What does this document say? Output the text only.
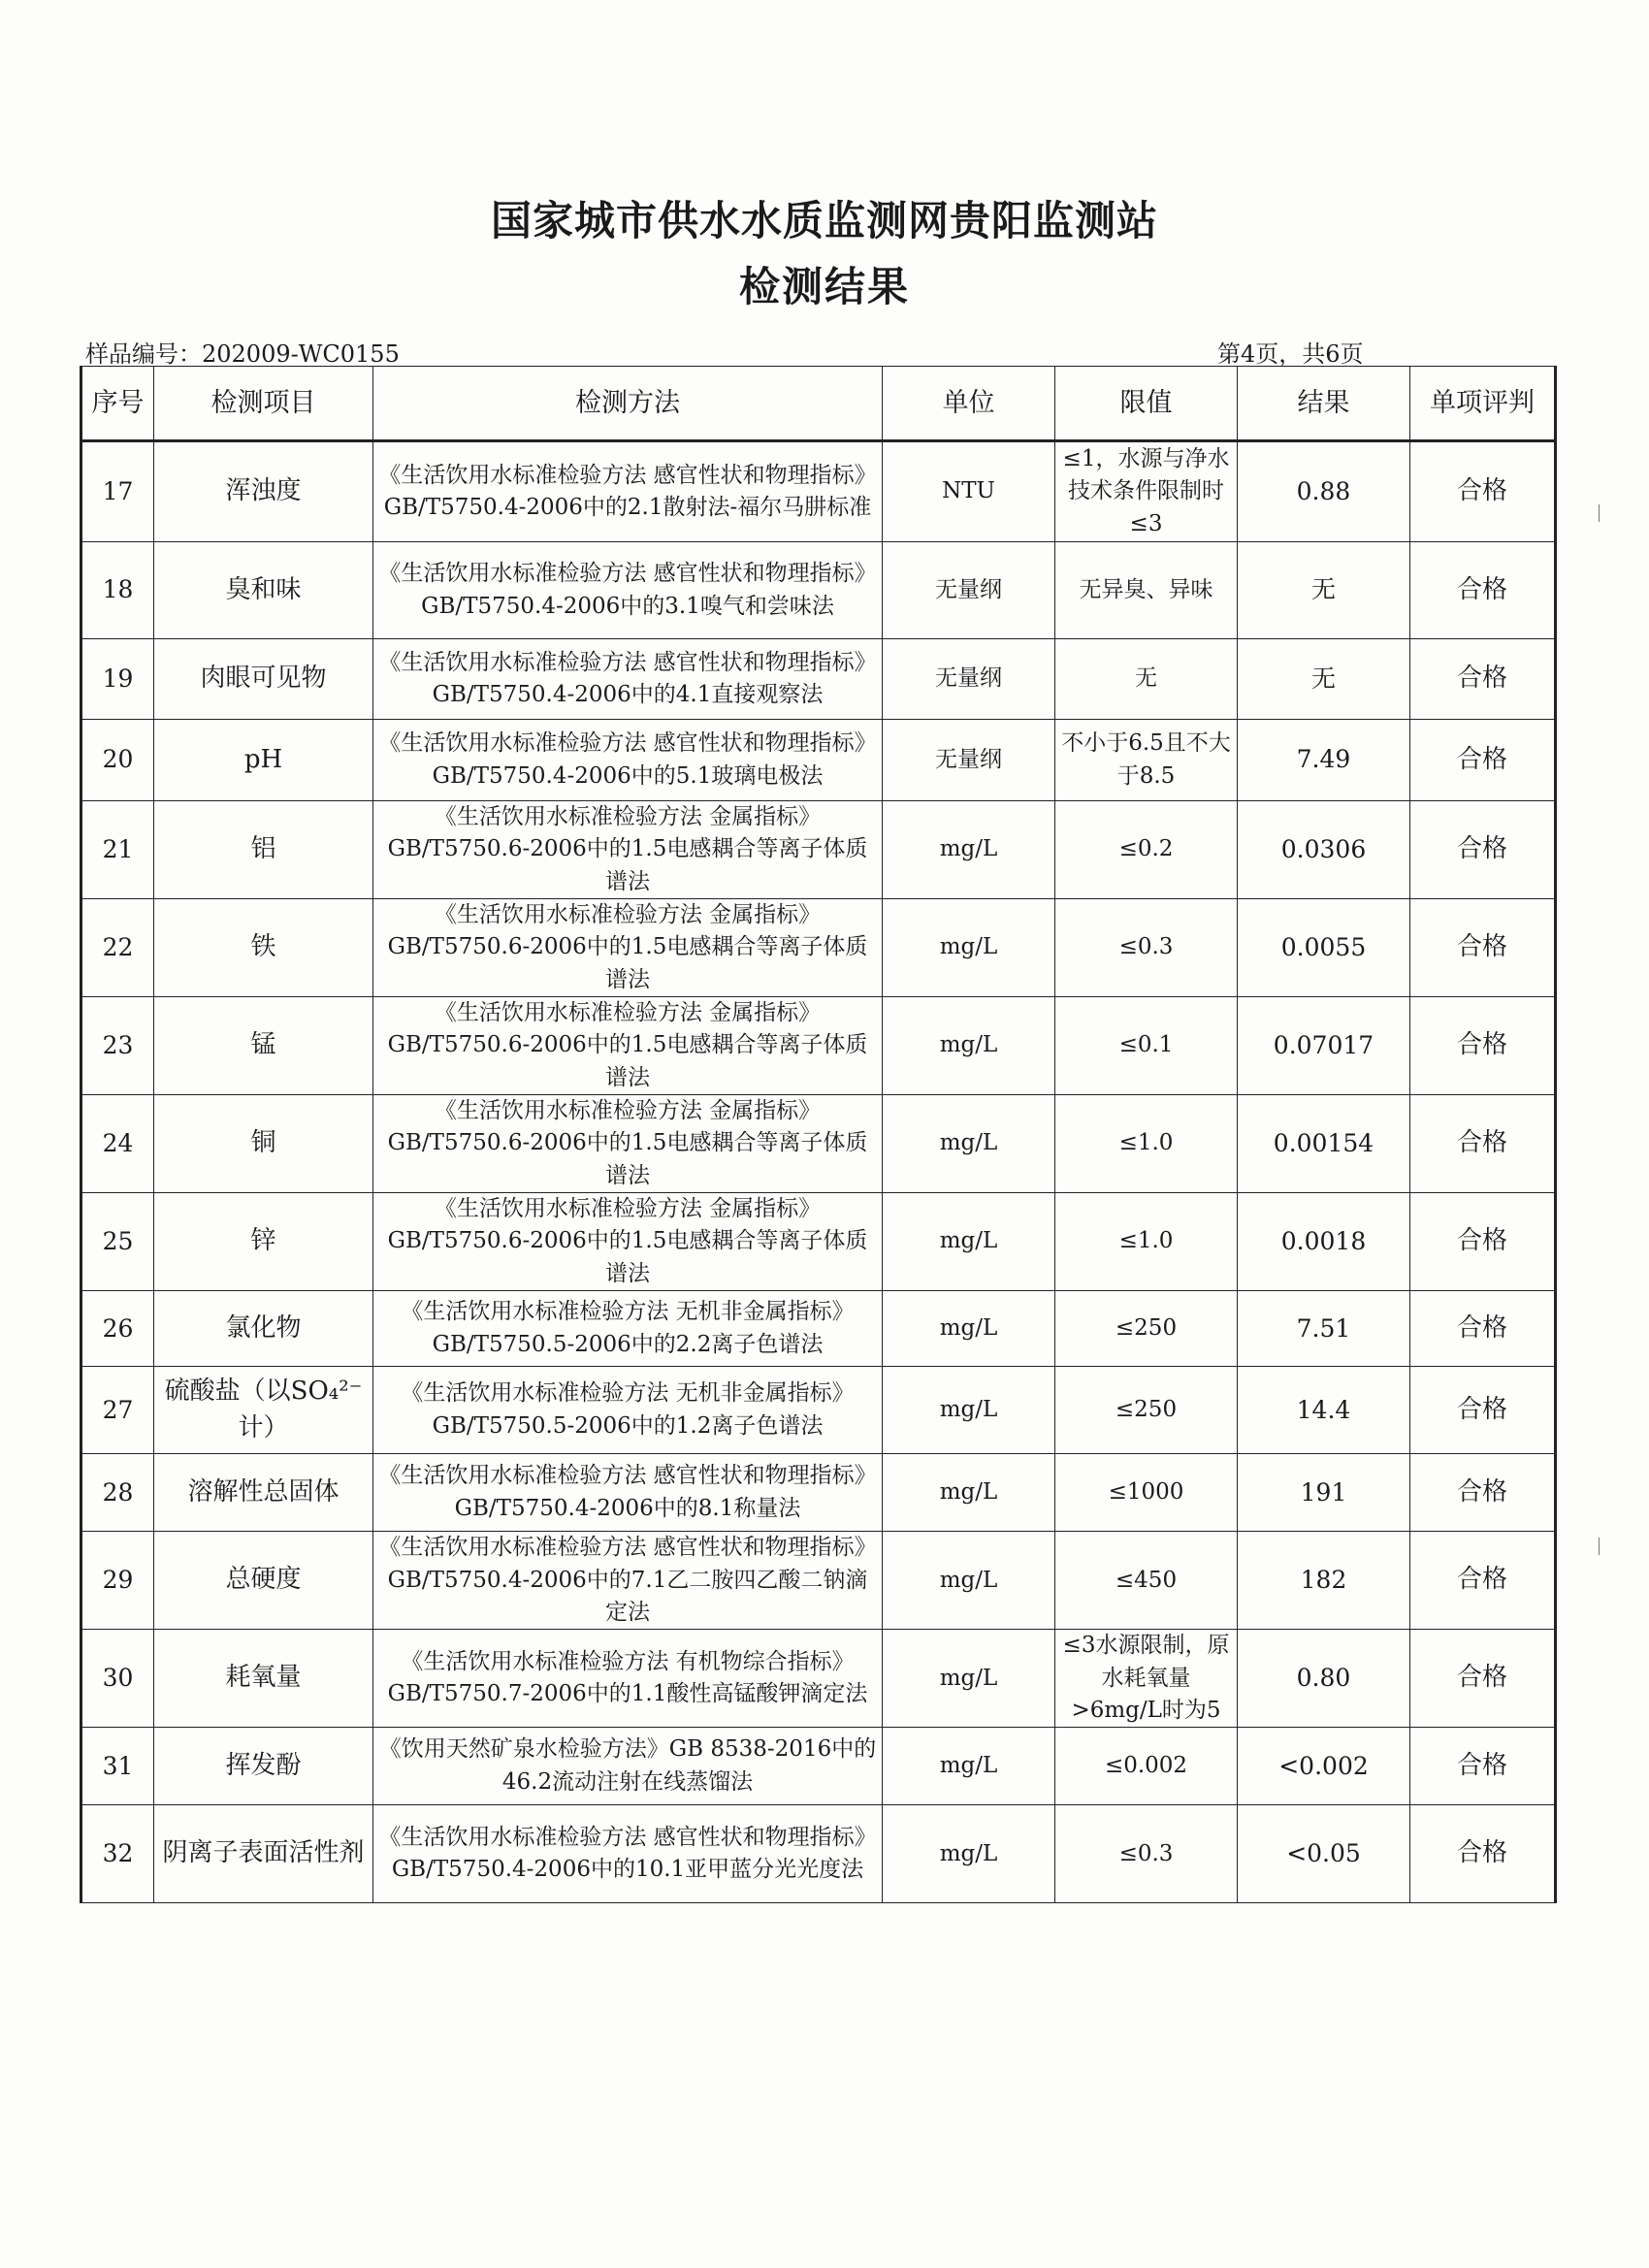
国家城市供水水质监测网贵阳监测站
检测结果
样品编号：202009-WC0155	第4页，共6页
序号	检测项目	检测方法	单位	限值	结果	单项评判
17	浑浊度	《生活饮用水标准检验方法 感官性状和物理指标》GB/T5750.4-2006中的2.1散射法-福尔马肼标准	NTU	≤1，水源与净水技术条件限制时≤3	0.88	合格
18	臭和味	《生活饮用水标准检验方法 感官性状和物理指标》GB/T5750.4-2006中的3.1嗅气和尝味法	无量纲	无异臭、异味	无	合格
19	肉眼可见物	《生活饮用水标准检验方法 感官性状和物理指标》GB/T5750.4-2006中的4.1直接观察法	无量纲	无	无	合格
20	pH	《生活饮用水标准检验方法 感官性状和物理指标》GB/T5750.4-2006中的5.1玻璃电极法	无量纲	不小于6.5且不大于8.5	7.49	合格
21	铝	《生活饮用水标准检验方法 金属指标》GB/T5750.6-2006中的1.5电感耦合等离子体质谱法	mg/L	≤0.2	0.0306	合格
22	铁	《生活饮用水标准检验方法 金属指标》GB/T5750.6-2006中的1.5电感耦合等离子体质谱法	mg/L	≤0.3	0.0055	合格
23	锰	《生活饮用水标准检验方法 金属指标》GB/T5750.6-2006中的1.5电感耦合等离子体质谱法	mg/L	≤0.1	0.07017	合格
24	铜	《生活饮用水标准检验方法 金属指标》GB/T5750.6-2006中的1.5电感耦合等离子体质谱法	mg/L	≤1.0	0.00154	合格
25	锌	《生活饮用水标准检验方法 金属指标》GB/T5750.6-2006中的1.5电感耦合等离子体质谱法	mg/L	≤1.0	0.0018	合格
26	氯化物	《生活饮用水标准检验方法 无机非金属指标》GB/T5750.5-2006中的2.2离子色谱法	mg/L	≤250	7.51	合格
27	硫酸盐（以SO₄²⁻计）	《生活饮用水标准检验方法 无机非金属指标》GB/T5750.5-2006中的1.2离子色谱法	mg/L	≤250	14.4	合格
28	溶解性总固体	《生活饮用水标准检验方法 感官性状和物理指标》GB/T5750.4-2006中的8.1称量法	mg/L	≤1000	191	合格
29	总硬度	《生活饮用水标准检验方法 感官性状和物理指标》 GB/T5750.4-2006中的7.1乙二胺四乙酸二钠滴定法	mg/L	≤450	182	合格
30	耗氧量	《生活饮用水标准检验方法 有机物综合指标》GB/T5750.7-2006中的1.1酸性高锰酸钾滴定法	mg/L	≤3水源限制，原水耗氧量>6mg/L时为5	0.80	合格
31	挥发酚	《饮用天然矿泉水检验方法》GB 8538-2016中的46.2流动注射在线蒸馏法	mg/L	≤0.002	<0.002	合格
32	阴离子表面活性剂	《生活饮用水标准检验方法 感官性状和物理指标》GB/T5750.4-2006中的10.1亚甲蓝分光光度法	mg/L	≤0.3	<0.05	合格
